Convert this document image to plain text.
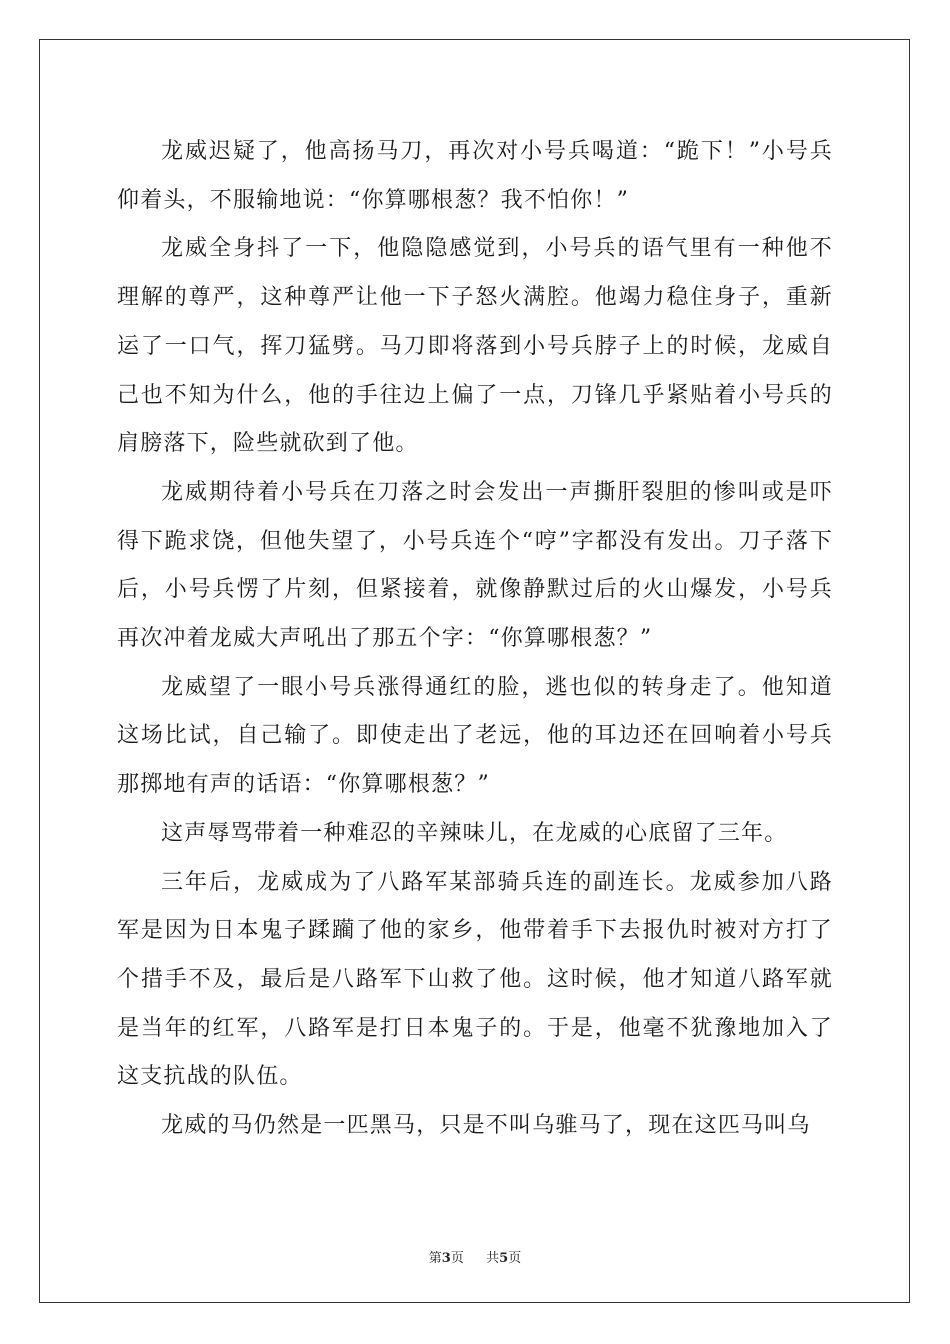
龙威迟疑了，他高扬马刀，再次对小号兵喝道：“跪下！”小号兵仰着头，不服输地说：“你算哪根葱？我不怕你！”

龙威全身抖了一下，他隐隐感觉到，小号兵的语气里有一种他不理解的尊严，这种尊严让他一下子怒火满腔。他竭力稳住身子，重新运了一口气，挥刀猛劈。马刀即将落到小号兵脖子上的时候，龙威自己也不知为什么，他的手往边上偏了一点，刀锋几乎紧贴着小号兵的肩膀落下，险些就砍到了他。

龙威期待着小号兵在刀落之时会发出一声撕肝裂胆的惨叫或是吓得下跪求饶，但他失望了，小号兵连个“哼”字都没有发出。刀子落下后，小号兵愣了片刻，但紧接着，就像静默过后的火山爆发，小号兵再次冲着龙威大声吼出了那五个字：“你算哪根葱？”

龙威望了一眼小号兵涨得通红的脸，逃也似的转身走了。他知道这场比试，自己输了。即使走出了老远，他的耳边还在回响着小号兵那掷地有声的话语：“你算哪根葱？”

这声辱骂带着一种难忍的辛辣味儿，在龙威的心底留了三年。

三年后，龙威成为了八路军某部骑兵连的副连长。龙威参加八路军是因为日本鬼子蹂躏了他的家乡，他带着手下去报仇时被对方打了个措手不及，最后是八路军下山救了他。这时候，他才知道八路军就是当年的红军，八路军是打日本鬼子的。于是，他毫不犹豫地加入了这支抗战的队伍。

龙威的马仍然是一匹黑马，只是不叫乌骓马了，现在这匹马叫乌

第3页 共5页
